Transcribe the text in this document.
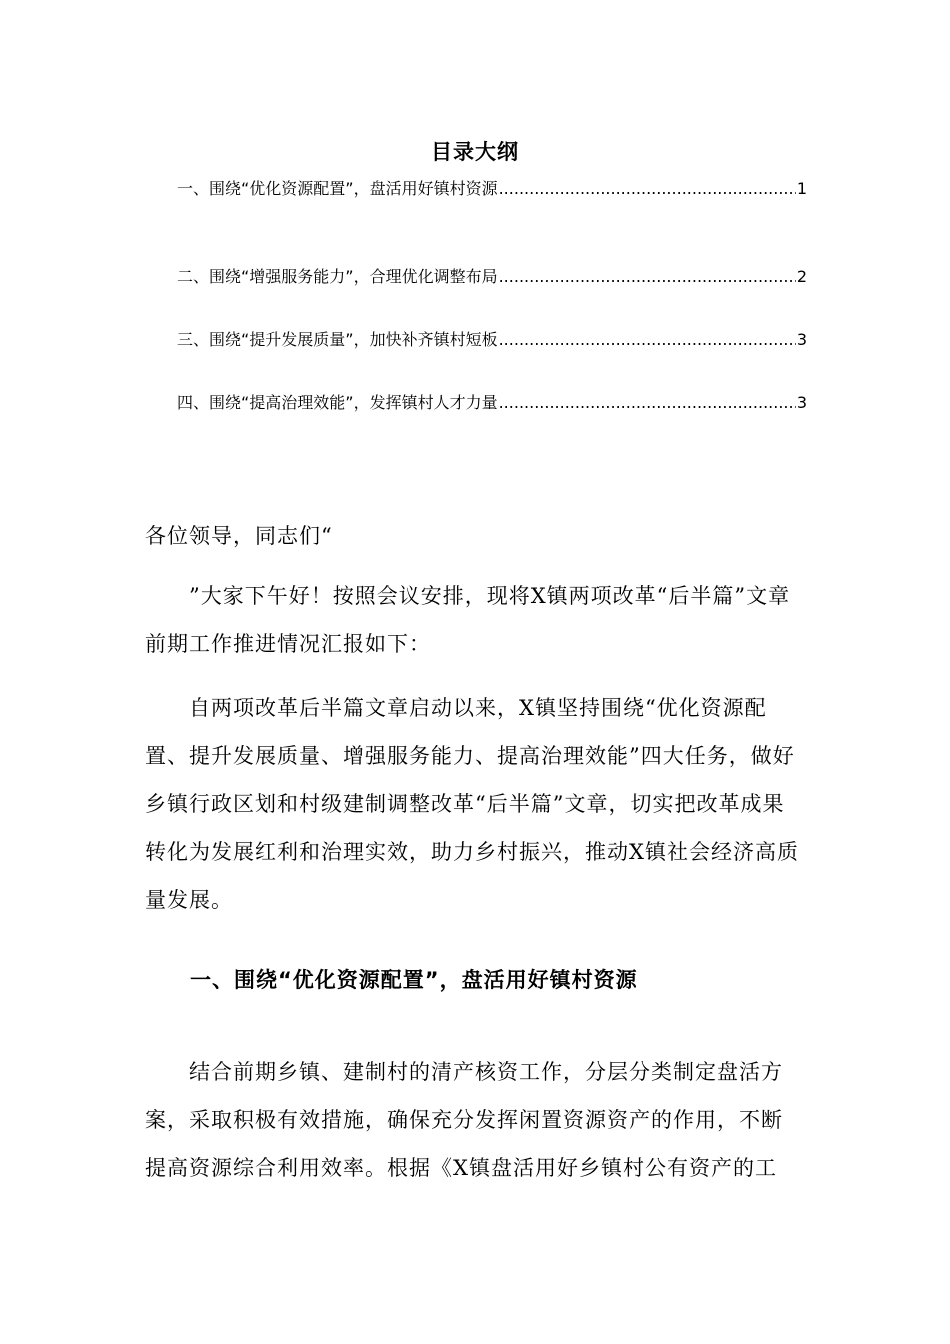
目录大纲
一、围绕“优化资源配置”，盘活用好镇村资源 .....	1
二、围绕“增强服务能力”，合理优化调整布局 .....	2
三、围绕“提升发展质量”，加快补齐镇村短板 .....	3
四、围绕“提高治理效能”，发挥镇村人才力量 .....	3
各位领导，同志们“
”大家下午好！按照会议安排，现将X镇两项改革“后半篇”文章前期工作推进情况汇报如下：
自两项改革后半篇文章启动以来，X镇坚持围绕“优化资源配置、提升发展质量、增强服务能力、提高治理效能”四大任务，做好乡镇行政区划和村级建制调整改革“后半篇”文章，切实把改革成果转化为发展红利和治理实效，助力乡村振兴，推动X镇社会经济高质量发展。
一、围绕“优化资源配置”，盘活用好镇村资源
结合前期乡镇、建制村的清产核资工作，分层分类制定盘活方案，采取积极有效措施，确保充分发挥闲置资源资产的作用，不断提高资源综合利用效率。根据《X镇盘活用好乡镇村公有资产的工
